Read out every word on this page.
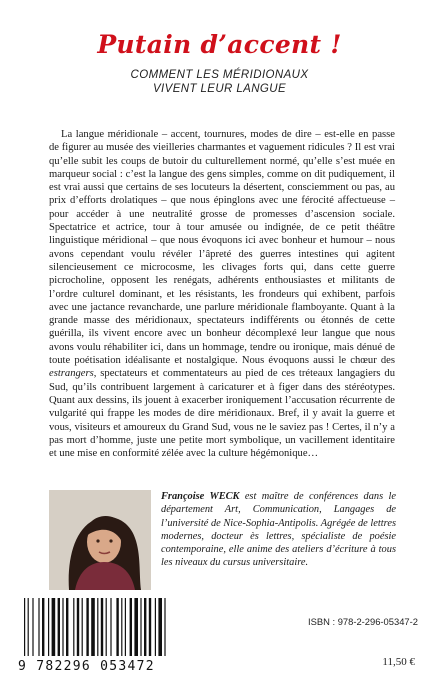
Putain d’accent !
COMMENT LES MÉRIDIONAUX
VIVENT LEUR LANGUE

La langue méridionale – accent, tournures, modes de dire – est-elle en passe de figurer au musée des vieilleries charmantes et vaguement ridicules ? Il est vrai qu’elle subit les coups de butoir du culturellement normé, qu’elle s’est muée en marqueur social : c’est la langue des gens simples, comme on dit pudiquement, il est vrai aussi que certains de ses locuteurs la désertent, consciemment ou pas, au prix d’efforts drolatiques – que nous épinglons avec une férocité affectueuse – pour accéder à une neutralité grosse de promesses d’ascension sociale. Spectatrice et actrice, tour à tour amusée ou indignée, de ce petit théâtre linguistique méridional – que nous évoquons ici avec bonheur et humour – nous avons cependant voulu révéler l’âpreté des guerres intestines qui agitent silencieusement ce microcosme, les clivages forts qui, dans cette guerre picrocholine, opposent les renégats, adhérents enthousiastes et militants de l’ordre culturel dominant, et les résistants, les frondeurs qui exhibent, parfois avec une jactance revancharde, une parlure méridionale flamboyante. Quant à la grande masse des méridionaux, spectateurs indifférents ou étonnés de cette guérilla, ils vivent encore avec un bonheur décomplexé leur langue que nous avons voulu réhabiliter ici, dans un hommage, tendre ou ironique, mais dénué de toute poétisation idéalisante et nostalgique. Nous évoquons aussi le chœur des estrangers, spectateurs et commentateurs au pied de ces tréteaux langagiers du Sud, qu’ils contribuent largement à caricaturer et à figer dans des stéréotypes. Quant aux dessins, ils jouent à exacerber ironiquement l’accusation récurrente de vulgarité qui frappe les modes de dire méridionaux. Bref, il y avait la guerre et vous, visiteurs et amoureux du Grand Sud, vous ne le saviez pas ! Certes, il n’y a pas mort d’homme, juste une petite mort symbolique, un vacillement identitaire et une mise en conformité zélée avec la culture hégémonique…

Françoise WECK est maître de conférences dans le département Art, Communication, Langages de l’université de Nice-Sophia-Antipolis. Agrégée de lettres modernes, docteur ès lettres, spécialiste de poésie contemporaine, elle anime des ateliers d’écriture à tous les niveaux du cursus universitaire.

9 782296 053472
ISBN : 978-2-296-05347-2
11,50 €
